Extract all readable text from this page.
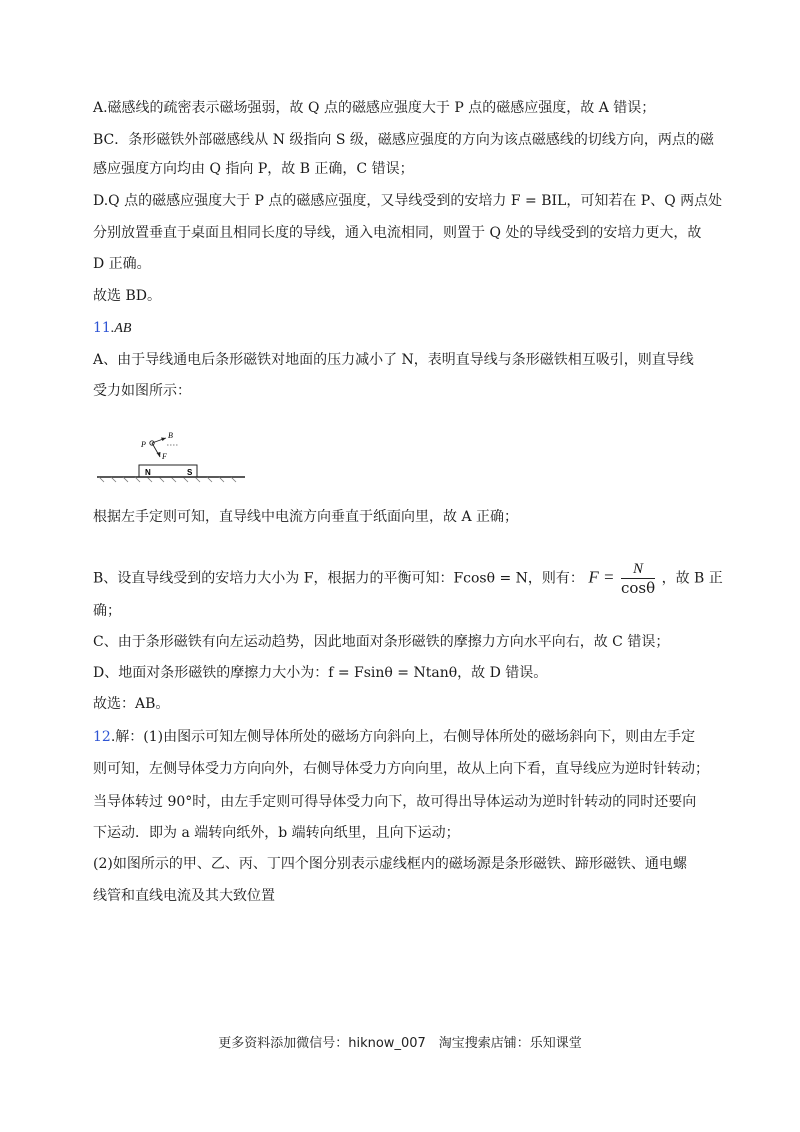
A.磁感线的疏密表示磁场强弱，故 Q 点的磁感应强度大于 P 点的磁感应强度，故 A 错误；
BC．条形磁铁外部磁感线从 N 级指向 S 级，磁感应强度的方向为该点磁感线的切线方向，两点的磁
感应强度方向均由 Q 指向 P，故 B 正确，C 错误；
D.Q 点的磁感应强度大于 P 点的磁感应强度，又导线受到的安培力 F = BIL，可知若在 P、Q 两点处
分别放置垂直于桌面且相同长度的导线，通入电流相同，则置于 Q 处的导线受到的安培力更大，故
D 正确。
故选 BD。
11.AB
A、由于导线通电后条形磁铁对地面的压力减小了 N，表明直导线与条形磁铁相互吸引，则直导线
受力如图所示：
N	S
P
B
F
根据左手定则可知，直导线中电流方向垂直于纸面向里，故 A 正确；
B、设直导线受到的安培力大小为 F，根据力的平衡可知：Fcosθ = N，则有： $F = \frac{N}{\cos\theta}$ ，故 B 正
确；
C、由于条形磁铁有向左运动趋势，因此地面对条形磁铁的摩擦力方向水平向右，故 C 错误；
D、地面对条形磁铁的摩擦力大小为：f = Fsinθ = Ntanθ，故 D 错误。
故选：AB。
12.解：(1)由图示可知左侧导体所处的磁场方向斜向上，右侧导体所处的磁场斜向下，则由左手定
则可知，左侧导体受力方向向外，右侧导体受力方向向里，故从上向下看，直导线应为逆时针转动；
当导体转过 90°时，由左手定则可得导体受力向下，故可得出导体运动为逆时针转动的同时还要向
下运动．即为 a 端转向纸外，b 端转向纸里，且向下运动；
(2)如图所示的甲、乙、丙、丁四个图分别表示虚线框内的磁场源是条形磁铁、蹄形磁铁、通电螺
线管和直线电流及其大致位置
更多资料添加微信号：hiknow_007　淘宝搜索店铺：乐知课堂
